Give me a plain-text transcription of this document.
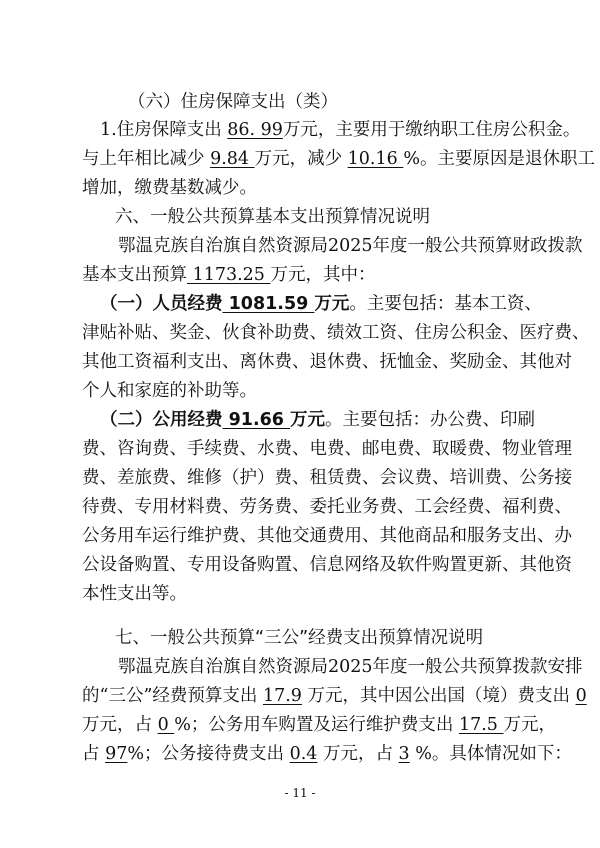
（六）住房保障支出（类）
1.住房保障支出 86. 99万元，主要用于缴纳职工住房公积金。
与上年相比减少 9.84 万元，减少 10.16 %。主要原因是退休职工
增加，缴费基数减少。
六、一般公共预算基本支出预算情况说明
鄂温克族自治旗自然资源局2025年度一般公共预算财政拨款
基本支出预算 1173.25 万元，其中：
（一）人员经费 1081.59 万元。主要包括：基本工资、
津贴补贴、奖金、伙食补助费、绩效工资、住房公积金、医疗费、
其他工资福利支出、离休费、退休费、抚恤金、奖励金、其他对
个人和家庭的补助等。
（二）公用经费 91.66 万元。主要包括：办公费、印刷
费、咨询费、手续费、水费、电费、邮电费、取暖费、物业管理
费、差旅费、维修（护）费、租赁费、会议费、培训费、公务接
待费、专用材料费、劳务费、委托业务费、工会经费、福利费、
公务用车运行维护费、其他交通费用、其他商品和服务支出、办
公设备购置、专用设备购置、信息网络及软件购置更新、其他资
本性支出等。
七、一般公共预算“三公”经费支出预算情况说明
鄂温克族自治旗自然资源局2025年度一般公共预算拨款安排
的“三公”经费预算支出 17.9 万元，其中因公出国（境）费支出 0
万元，占 0 %；公务用车购置及运行维护费支出 17.5 万元，
占 97%；公务接待费支出 0.4 万元，占 3 %。具体情况如下：
- 11 -
